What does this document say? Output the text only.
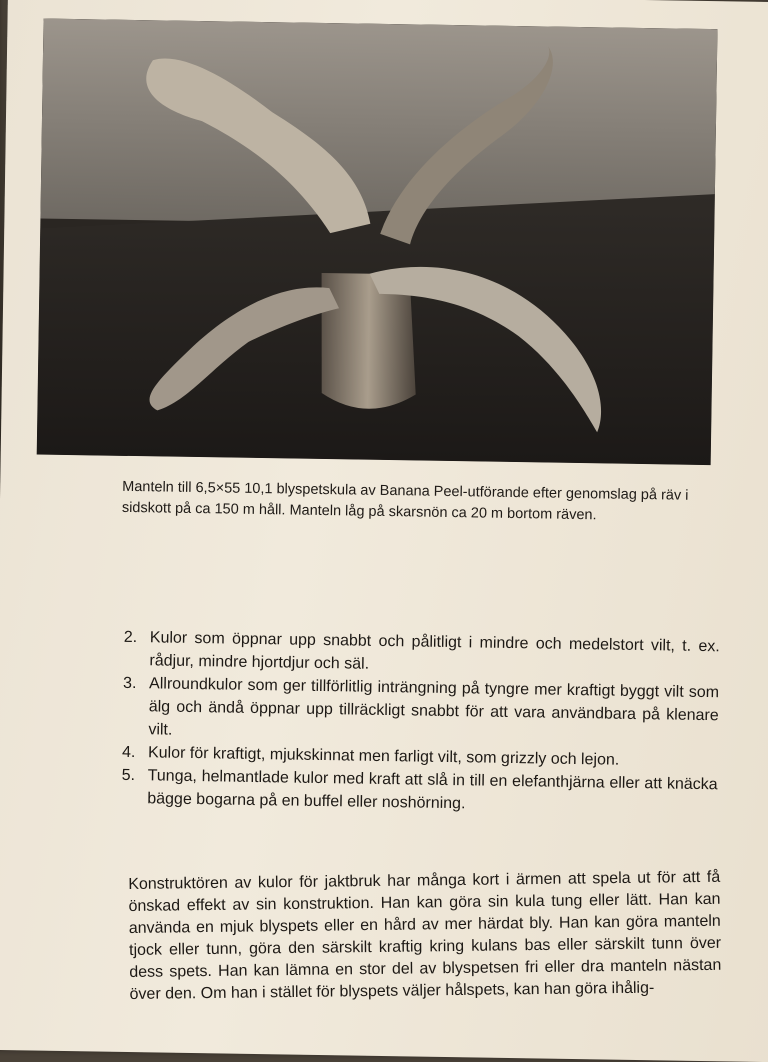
Manteln till 6,5×55 10,1 blyspetskula av Banana Peel-utförande efter genomslag på räv i sidskott på ca 150 m håll. Manteln låg på skarsnön ca 20 m bortom räven.

2. Kulor som öppnar upp snabbt och pålitligt i mindre och medelstort vilt, t. ex. rådjur, mindre hjortdjur och säl.
3. Allroundkulor som ger tillförlitlig inträngning på tyngre mer kraftigt byggt vilt som älg och ändå öppnar upp tillräckligt snabbt för att vara användbara på klenare vilt.
4. Kulor för kraftigt, mjukskinnat men farligt vilt, som grizzly och lejon.
5. Tunga, helmantlade kulor med kraft att slå in till en elefanthjärna eller att knäcka bägge bogarna på en buffel eller noshörning.

Konstruktören av kulor för jaktbruk har många kort i ärmen att spela ut för att få önskad effekt av sin konstruktion. Han kan göra sin kula tung eller lätt. Han kan använda en mjuk blyspets eller en hård av mer härdat bly. Han kan göra manteln tjock eller tunn, göra den särskilt kraftig kring kulans bas eller särskilt tunn över dess spets. Han kan lämna en stor del av blyspetsen fri eller dra manteln nästan över den. Om han i stället för blyspets väljer hålspets, kan han göra ihålig-
